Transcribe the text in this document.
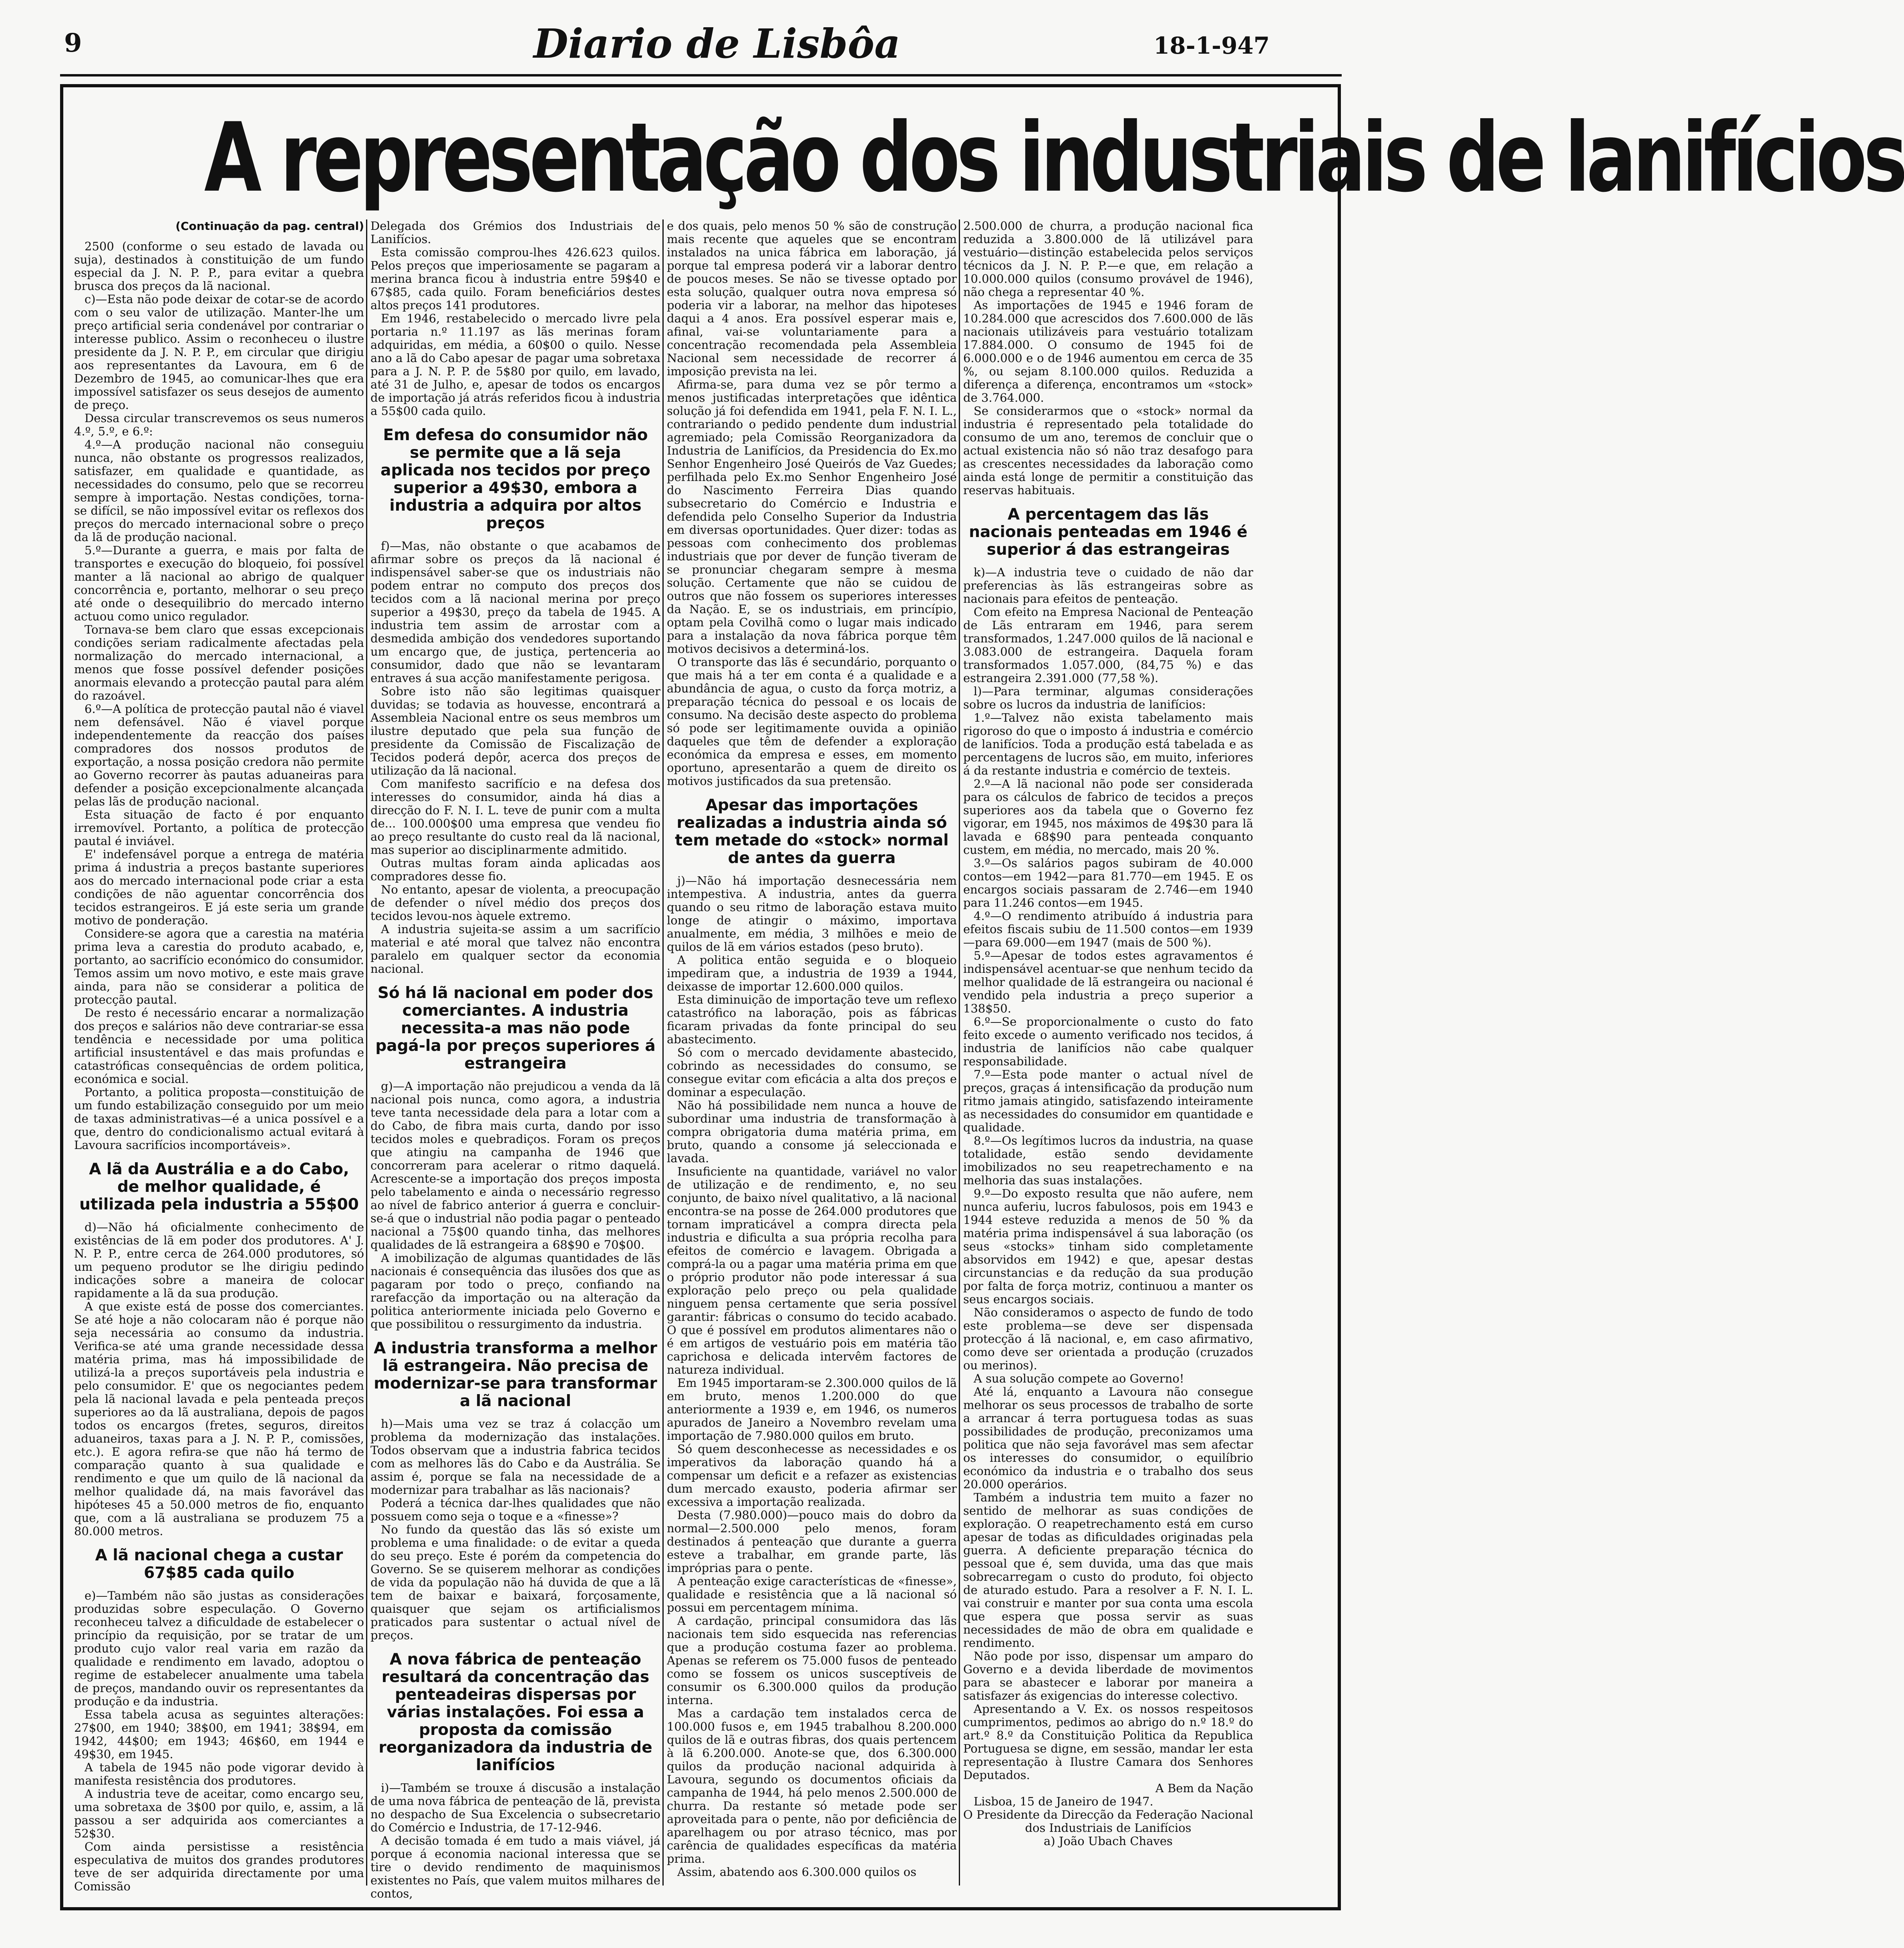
9	Diario de Lisbôa	18-1-947
A representação dos industriais de lanifícios

(Continuação da pag. central)

2500 (conforme o seu estado de lavada ou suja), destinados à constituição de um fundo especial da J. N. P. P., para evitar a quebra brusca dos preços da lã nacional.

c)—Esta não pode deixar de cotar-se de acordo com o seu valor de utilização. Manter-lhe um preço artificial seria condenável por contrariar o interesse publico. Assim o reconheceu o ilustre presidente da J. N. P. P., em circular que dirigiu aos representantes da Lavoura, em 6 de Dezembro de 1945, ao comunicar-lhes que era impossível satisfazer os seus desejos de aumento de preço.

Dessa circular transcrevemos os seus numeros 4.º, 5.º, e 6.º:

4.º—A produção nacional não conseguiu nunca, não obstante os progressos realizados, satisfazer, em qualidade e quantidade, as necessidades do consumo, pelo que se recorreu sempre à importação. Nestas condições, torna-se difícil, se não impossível evitar os reflexos dos preços do mercado internacional sobre o preço da lã de produção nacional.

5.º—Durante a guerra, e mais por falta de transportes e execução do bloqueio, foi possível manter a lã nacional ao abrigo de qualquer concorrência e, portanto, melhorar o seu preço até onde o desequilibrio do mercado interno actuou como unico regulador.

Tornava-se bem claro que essas excepcionais condições seriam radicalmente afectadas pela normalização do mercado internacional, a menos que fosse possível defender posições anormais elevando a protecção pautal para além do razoável.

6.º—A política de protecção pautal não é viavel nem defensável. Não é viavel porque independentemente da reacção dos países compradores dos nossos produtos de exportação, a nossa posição credora não permite ao Governo recorrer às pautas aduaneiras para defender a posição excepcionalmente alcançada pelas lãs de produção nacional.

Esta situação de facto é por enquanto irremovível. Portanto, a política de protecção pautal é inviável.

E' indefensável porque a entrega de matéria prima á industria a preços bastante superiores aos do mercado internacional pode criar a esta condições de não aguentar concorrência dos tecidos estrangeiros. E já este seria um grande motivo de ponderação.

Considere-se agora que a carestia na matéria prima leva a carestia do produto acabado, e, portanto, ao sacrifício económico do consumidor. Temos assim um novo motivo, e este mais grave ainda, para não se considerar a politica de protecção pautal.

De resto é necessário encarar a normalização dos preços e salários não deve contrariar-se essa tendência e necessidade por uma politica artificial insustentável e das mais profundas e catastróficas consequências de ordem politica, económica e social.

Portanto, a politica proposta—constituição de um fundo estabilização conseguido por um meio de taxas administrativas—é a unica possível e a que, dentro do condicionalismo actual evitará à Lavoura sacrifícios incomportáveis».

A lã da Austrália e a do Cabo, de melhor qualidade, é utilizada pela industria a 55$00

d)—Não há oficialmente conhecimento de existências de lã em poder dos produtores. A' J. N. P. P., entre cerca de 264.000 produtores, só um pequeno produtor se lhe dirigiu pedindo indicações sobre a maneira de colocar rapidamente a lã da sua produção.

A que existe está de posse dos comerciantes. Se até hoje a não colocaram não é porque não seja necessária ao consumo da industria. Verifica-se até uma grande necessidade dessa matéria prima, mas há impossibilidade de utilizá-la a preços suportáveis pela industria e pelo consumidor. E' que os negociantes pedem pela lã nacional lavada e pela penteada preços superiores ao da lã australiana, depois de pagos todos os encargos (fretes, seguros, direitos aduaneiros, taxas para a J. N. P. P., comissões, etc.). E agora refira-se que não há termo de comparação quanto à sua qualidade e rendimento e que um quilo de lã nacional da melhor qualidade dá, na mais favorável das hipóteses 45 a 50.000 metros de fio, enquanto que, com a lã australiana se produzem 75 a 80.000 metros.

A lã nacional chega a custar 67$85 cada quilo

e)—Também não são justas as considerações produzidas sobre especulação. O Governo reconheceu talvez a dificuldade de estabelecer o princípio da requisição, por se tratar de um produto cujo valor real varia em razão da qualidade e rendimento em lavado, adoptou o regime de estabelecer anualmente uma tabela de preços, mandando ouvir os representantes da produção e da industria.

Essa tabela acusa as seguintes alterações: 27$00, em 1940; 38$00, em 1941; 38$94, em 1942, 44$00; em 1943; 46$60, em 1944 e 49$30, em 1945.

A tabela de 1945 não pode vigorar devido à manifesta resistência dos produtores.

A industria teve de aceitar, como encargo seu, uma sobretaxa de 3$00 por quilo, e, assim, a lã passou a ser adquirida aos comerciantes a 52$30.

Com ainda persistisse a resistência especulativa de muitos dos grandes produtores teve de ser adquirida directamente por uma Comissão

Delegada dos Grémios dos Industriais de Lanifícios.

Esta comissão comprou-lhes 426.623 quilos. Pelos preços que imperiosamente se pagaram a merina branca ficou à industria entre 59$40 e 67$85, cada quilo. Foram beneficiários destes altos preços 141 produtores.

Em 1946, restabelecido o mercado livre pela portaria n.º 11.197 as lãs merinas foram adquiridas, em média, a 60$00 o quilo. Nesse ano a lã do Cabo apesar de pagar uma sobretaxa para a J. N. P. P. de 5$80 por quilo, em lavado, até 31 de Julho, e, apesar de todos os encargos de importação já atrás referidos ficou à industria a 55$00 cada quilo.

Em defesa do consumidor não se permite que a lã seja aplicada nos tecidos por preço superior a 49$30, embora a industria a adquira por altos preços

f)—Mas, não obstante o que acabamos de afirmar sobre os preços da lã nacional é indispensável saber-se que os industriais não podem entrar no computo dos preços dos tecidos com a lã nacional merina por preço superior a 49$30, preço da tabela de 1945. A industria tem assim de arrostar com a desmedida ambição dos vendedores suportando um encargo que, de justiça, pertenceria ao consumidor, dado que não se levantaram entraves á sua acção manifestamente perigosa.

Sobre isto não são legitimas quaisquer duvidas; se todavia as houvesse, encontrará a Assembleia Nacional entre os seus membros um ilustre deputado que pela sua função de presidente da Comissão de Fiscalização de Tecidos poderá depôr, acerca dos preços de utilização da lã nacional.

Com manifesto sacrifício e na defesa dos interesses do consumidor, ainda há dias a direcção do F. N. I. L. teve de punir com a multa de... 100.000$00 uma empresa que vendeu fio ao preço resultante do custo real da lã nacional, mas superior ao disciplinarmente admitido.

Outras multas foram ainda aplicadas aos compradores desse fio.

No entanto, apesar de violenta, a preocupação de defender o nível médio dos preços dos tecidos levou-nos àquele extremo.

A industria sujeita-se assim a um sacrifício material e até moral que talvez não encontra paralelo em qualquer sector da economia nacional.

Só há lã nacional em poder dos comerciantes. A industria necessita-a mas não pode pagá-la por preços superiores á estrangeira

g)—A importação não prejudicou a venda da lã nacional pois nunca, como agora, a industria teve tanta necessidade dela para a lotar com a do Cabo, de fibra mais curta, dando por isso tecidos moles e quebradiços. Foram os preços que atingiu na campanha de 1946 que concorreram para acelerar o ritmo daquelá. Acrescente-se a importação dos preços imposta pelo tabelamento e ainda o necessário regresso ao nível de fabrico anterior á guerra e concluir-se-á que o industrial não podia pagar o penteado nacional a 75$00 quando tinha, das melhores qualidades de lã estrangeira a 68$90 e 70$00.

A imobilização de algumas quantidades de lãs nacionais é consequência das ilusões dos que as pagaram por todo o preço, confiando na rarefacção da importação ou na alteração da politica anteriormente iniciada pelo Governo e que possibilitou o ressurgimento da industria.

A industria transforma a melhor lã estrangeira. Não precisa de modernizar-se para transformar a lã nacional

h)—Mais uma vez se traz á colacção um problema da modernização das instalações. Todos observam que a industria fabrica tecidos com as melhores lãs do Cabo e da Austrália. Se assim é, porque se fala na necessidade de a modernizar para trabalhar as lãs nacionais?

Poderá a técnica dar-lhes qualidades que não possuem como seja o toque e a «finesse»?

No fundo da questão das lãs só existe um problema e uma finalidade: o de evitar a queda do seu preço. Este é porém da competencia do Governo. Se se quiserem melhorar as condições de vida da população não há duvida de que a lã tem de baixar e baixará, forçosamente, quaisquer que sejam os artificialismos praticados para sustentar o actual nível de preços.

A nova fábrica de penteação resultará da concentração das penteadeiras dispersas por várias instalações. Foi essa a proposta da comissão reorganizadora da industria de lanifícios

i)—Também se trouxe á discusão a instalação de uma nova fábrica de penteação de lã, prevista no despacho de Sua Excelencia o subsecretario do Comércio e Industria, de 17-12-946.

A decisão tomada é em tudo a mais viável, já porque á economia nacional interessa que se tire o devido rendimento de maquinismos existentes no País, que valem muitos milhares de contos,

e dos quais, pelo menos 50 % são de construção mais recente que aqueles que se encontram instalados na unica fábrica em laboração, já porque tal empresa poderá vir a laborar dentro de poucos meses. Se não se tivesse optado por esta solução, qualquer outra nova empresa só poderia vir a laborar, na melhor das hipoteses daqui a 4 anos. Era possível esperar mais e, afinal, vai-se voluntariamente para a concentração recomendada pela Assembleia Nacional sem necessidade de recorrer á imposição prevista na lei.

Afirma-se, para duma vez se pôr termo a menos justificadas interpretações que idêntica solução já foi defendida em 1941, pela F. N. I. L., contrariando o pedido pendente dum industrial agremiado; pela Comissão Reorganizadora da Industria de Lanifícios, da Presidencia do Ex.mo Senhor Engenheiro José Queirós de Vaz Guedes; perfilhada pelo Ex.mo Senhor Engenheiro José do Nascimento Ferreira Dias quando subsecretario do Comércio e Industria e defendida pelo Conselho Superior da Industria em diversas oportunidades. Quer dizer: todas as pessoas com conhecimento dos problemas industriais que por dever de função tiveram de se pronunciar chegaram sempre à mesma solução. Certamente que não se cuidou de outros que não fossem os superiores interesses da Nação. E, se os industriais, em princípio, optam pela Covilhã como o lugar mais indicado para a instalação da nova fábrica porque têm motivos decisivos a determiná-los.

O transporte das lãs é secundário, porquanto o que mais há a ter em conta é a qualidade e a abundância de agua, o custo da força motriz, a preparação técnica do pessoal e os locais de consumo. Na decisão deste aspecto do problema só pode ser legitimamente ouvida a opinião daqueles que têm de defender a exploração económica da empresa e esses, em momento oportuno, apresentarão a quem de direito os motivos justificados da sua pretensão.

Apesar das importações realizadas a industria ainda só tem metade do «stock» normal de antes da guerra

j)—Não há importação desnecessária nem intempestiva. A industria, antes da guerra quando o seu ritmo de laboração estava muito longe de atingir o máximo, importava anualmente, em média, 3 milhões e meio de quilos de lã em vários estados (peso bruto).

A politica então seguida e o bloqueio impediram que, a industria de 1939 a 1944, deixasse de importar 12.600.000 quilos.

Esta diminuição de importação teve um reflexo catastrófico na laboração, pois as fábricas ficaram privadas da fonte principal do seu abastecimento.

Só com o mercado devidamente abastecido, cobrindo as necessidades do consumo, se consegue evitar com eficácia a alta dos preços e dominar a especulação.

Não há possibilidade nem nunca a houve de subordinar uma industria de transformação à compra obrigatoria duma matéria prima, em bruto, quando a consome já seleccionada e lavada.

Insuficiente na quantidade, variável no valor de utilização e de rendimento, e, no seu conjunto, de baixo nível qualitativo, a lã nacional encontra-se na posse de 264.000 produtores que tornam impraticável a compra directa pela industria e dificulta a sua própria recolha para efeitos de comércio e lavagem. Obrigada a comprá-la ou a pagar uma matéria prima em que o próprio produtor não pode interessar á sua exploração pelo preço ou pela qualidade ninguem pensa certamente que seria possível garantir: fábricas o consumo do tecido acabado. O que é possível em produtos alimentares não o é em artigos de vestuário pois em matéria tão caprichosa e delicada intervêm factores de natureza individual.

Em 1945 importaram-se 2.300.000 quilos de lã em bruto, menos 1.200.000 do que anteriormente a 1939 e, em 1946, os numeros apurados de Janeiro a Novembro revelam uma importação de 7.980.000 quilos em bruto.

Só quem desconhecesse as necessidades e os imperativos da laboração quando há a compensar um deficit e a refazer as existencias dum mercado exausto, poderia afirmar ser excessiva a importação realizada.

Desta (7.980.000)—pouco mais do dobro da normal—2.500.000 pelo menos, foram destinados á penteação que durante a guerra esteve a trabalhar, em grande parte, lãs impróprias para o pente.

A penteação exige características de «finesse», qualidade e resistência que a lã nacional só possui em percentagem mínima.

A cardação, principal consumidora das lãs nacionais tem sido esquecida nas referencias que a produção costuma fazer ao problema. Apenas se referem os 75.000 fusos de penteado como se fossem os unicos susceptíveis de consumir os 6.300.000 quilos da produção interna.

Mas a cardação tem instalados cerca de 100.000 fusos e, em 1945 trabalhou 8.200.000 quilos de lã e outras fibras, dos quais pertencem à lã 6.200.000. Anote-se que, dos 6.300.000 quilos da produção nacional adquirida à Lavoura, segundo os documentos oficiais da campanha de 1944, há pelo menos 2.500.000 de churra. Da restante só metade pode ser aproveitada para o pente, não por deficiência de aparelhagem ou por atraso técnico, mas por carência de qualidades específicas da matéria prima.

Assim, abatendo aos 6.300.000 quilos os

2.500.000 de churra, a produção nacional fica reduzida a 3.800.000 de lã utilizável para vestuário—distinção estabelecida pelos serviços técnicos da J. N. P. P.—e que, em relação a 10.000.000 quilos (consumo provável de 1946), não chega a representar 40 %.

As importações de 1945 e 1946 foram de 10.284.000 que acrescidos dos 7.600.000 de lãs nacionais utilizáveis para vestuário totalizam 17.884.000. O consumo de 1945 foi de 6.000.000 e o de 1946 aumentou em cerca de 35 %, ou sejam 8.100.000 quilos. Reduzida a diferença a diferença, encontramos um «stock» de 3.764.000.

Se considerarmos que o «stock» normal da industria é representado pela totalidade do consumo de um ano, teremos de concluir que o actual existencia não só não traz desafogo para as crescentes necessidades da laboração como ainda está longe de permitir a constituição das reservas habituais.

A percentagem das lãs nacionais penteadas em 1946 é superior á das estrangeiras

k)—A industria teve o cuidado de não dar preferencias às lãs estrangeiras sobre as nacionais para efeitos de penteação.

Com efeito na Empresa Nacional de Penteação de Lãs entraram em 1946, para serem transformados, 1.247.000 quilos de lã nacional e 3.083.000 de estrangeira. Daquela foram transformados 1.057.000, (84,75 %) e das estrangeira 2.391.000 (77,58 %).

l)—Para terminar, algumas considerações sobre os lucros da industria de lanifícios:

1.º—Talvez não exista tabelamento mais rigoroso do que o imposto á industria e comércio de lanifícios. Toda a produção está tabelada e as percentagens de lucros são, em muito, inferiores á da restante industria e comércio de texteis.

2.º—A lã nacional não pode ser considerada para os cálculos de fabrico de tecidos a preços superiores aos da tabela que o Governo fez vigorar, em 1945, nos máximos de 49$30 para lã lavada e 68$90 para penteada conquanto custem, em média, no mercado, mais 20 %.

3.º—Os salários pagos subiram de 40.000 contos—em 1942—para 81.770—em 1945. E os encargos sociais passaram de 2.746—em 1940 para 11.246 contos—em 1945.

4.º—O rendimento atribuído á industria para efeitos fiscais subiu de 11.500 contos—em 1939—para 69.000—em 1947 (mais de 500 %).

5.º—Apesar de todos estes agravamentos é indispensável acentuar-se que nenhum tecido da melhor qualidade de lã estrangeira ou nacional é vendido pela industria a preço superior a 138$50.

6.º—Se proporcionalmente o custo do fato feito excede o aumento verificado nos tecidos, á industria de lanifícios não cabe qualquer responsabilidade.

7.º—Esta pode manter o actual nível de preços, graças á intensificação da produção num ritmo jamais atingido, satisfazendo inteiramente as necessidades do consumidor em quantidade e qualidade.

8.º—Os legítimos lucros da industria, na quase totalidade, estão sendo devidamente imobilizados no seu reapetrechamento e na melhoria das suas instalações.

9.º—Do exposto resulta que não aufere, nem nunca auferiu, lucros fabulosos, pois em 1943 e 1944 esteve reduzida a menos de 50 % da matéria prima indispensável á sua laboração (os seus «stocks» tinham sido completamente absorvidos em 1942) e que, apesar destas circunstancias e da redução da sua produção por falta de força motriz, continuou a manter os seus encargos sociais.

Não consideramos o aspecto de fundo de todo este problema—se deve ser dispensada protecção á lã nacional, e, em caso afirmativo, como deve ser orientada a produção (cruzados ou merinos).

A sua solução compete ao Governo!

Até lá, enquanto a Lavoura não consegue melhorar os seus processos de trabalho de sorte a arrancar á terra portuguesa todas as suas possibilidades de produção, preconizamos uma politica que não seja favorável mas sem afectar os interesses do consumidor, o equilíbrio económico da industria e o trabalho dos seus 20.000 operários.

Também a industria tem muito a fazer no sentido de melhorar as suas condições de exploração. O reapetrechamento está em curso apesar de todas as dificuldades originadas pela guerra. A deficiente preparação técnica do pessoal que é, sem duvida, uma das que mais sobrecarregam o custo do produto, foi objecto de aturado estudo. Para a resolver a F. N. I. L. vai construir e manter por sua conta uma escola que espera que possa servir as suas necessidades de mão de obra em qualidade e rendimento.

Não pode por isso, dispensar um amparo do Governo e a devida liberdade de movimentos para se abastecer e laborar por maneira a satisfazer ás exigencias do interesse colectivo.

Apresentando a V. Ex. os nossos respeitosos cumprimentos, pedimos ao abrigo do n.º 18.º do art.º 8.º da Constituição Politica da Republica Portuguesa se digne, em sessão, mandar ler esta representação à Ilustre Camara dos Senhores Deputados.

A Bem da Nação

Lisboa, 15 de Janeiro de 1947.

O Presidente da Direcção da Federação Nacional dos Industriais de Lanifícios

a) João Ubach Chaves
